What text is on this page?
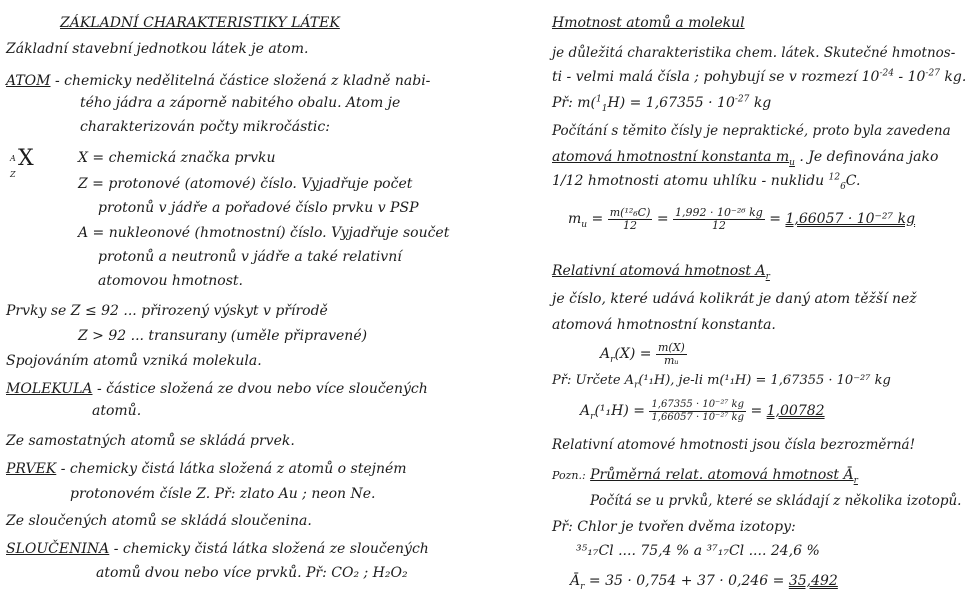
ZÁKLADNÍ CHARAKTERISTIKY LÁTEK
Základní stavební jednotkou látek je atom.
ATOM - chemicky nedělitelná částice složená z kladně nabi-
tého jádra a záporně nabitého obalu. Atom je
charakterizován počty mikročástic:
A
Z
X	X = chemická značka prvku
Z = protonové (atomové) číslo. Vyjadřuje počet
protonů v jádře a pořadové číslo prvku v PSP
A = nukleonové (hmotnostní) číslo. Vyjadřuje součet
protonů a neutronů v jádře a také relativní
atomovou hmotnost.
Prvky se Z ≤ 92 ... přirozený výskyt v přírodě
Z > 92 ... transurany (uměle připravené)
Spojováním atomů vzniká molekula.
MOLEKULA - částice složená ze dvou nebo více sloučených
atomů.
Ze samostatných atomů se skládá prvek.
PRVEK - chemicky čistá látka složená z atomů o stejném
protonovém čísle Z. Př: zlato Au ; neon Ne.
Ze sloučených atomů se skládá sloučenina.
SLOUČENINA - chemicky čistá látka složená ze sloučených
atomů dvou nebo více prvků. Př: CO₂ ; H₂O₂
Hmotnost atomů a molekul
je důležitá charakteristika chem. látek. Skutečné hmotnos-
ti - velmi malá čísla ; pohybují se v rozmezí $10^{-24} - 10^{-27}$ kg.
Př: $m(^1_1H) = 1,67355 \cdot 10^{-27}$ kg
Počítání s těmito čísly je nepraktické, proto byla zavedena
atomová hmotnostní konstanta $m_u$ . Je definována jako
1/12 hmotnosti atomu uhlíku - nuklidu $^{12}_6$C.
$m_u = \frac{\text{m(¹²₆C)}}{12} = \frac{\text{1,992 · 10⁻²⁶ kg}}{12} = 1,66057 \cdot 10^{-27}$ kg
Relativní atomová hmotnost $A_r$
je číslo, které udává kolikrát je daný atom těžší než
atomová hmotnostní konstanta.
$A_r(X) = \frac{m(X)}{\text{mᵤ}}$
Př: Určete $A_r(^1_1H)$, je-li m(¹₁H) = 1,67355 · 10⁻²⁷ kg
$A_r(^1_1H) = \frac{\text{1,67355 · 10⁻²⁷ kg}}{\text{1,66057 · 10⁻²⁷ kg}} = 1,00782$
Relativní atomové hmotnosti jsou čísla bezrozměrná!
Pozn.: Průměrná relat. atomová hmotnost $Ā_r$
Počítá se u prvků, které se skládají z několika izotopů.
Př: Chlor je tvořen dvěma izotopy:
³⁵₁₇Cl .... 75,4 % a ³⁷₁₇Cl .... 24,6 %
$Ā_r = 35 \cdot 0,754 + 37 \cdot 0,246 = 35,492$
